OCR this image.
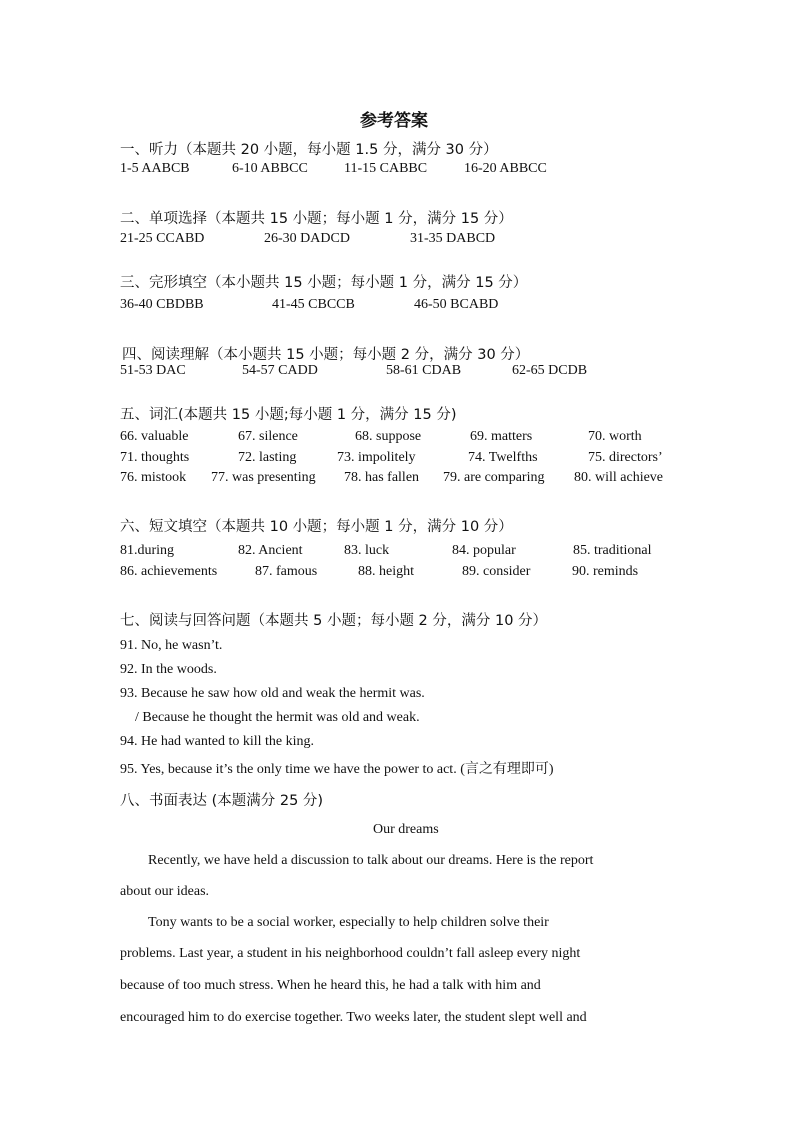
参考答案
一、听力（本题共 20 小题，每小题 1.5 分，满分 30 分）
1-5 AABCB	6-10 ABBCC	11-15 CABBC	16-20 ABBCC
二、单项选择（本题共 15 小题；每小题 1 分，满分 15 分）
21-25 CCABD	26-30 DADCD	31-35 DABCD
三、完形填空（本小题共 15 小题；每小题 1 分，满分 15 分）
36-40 CBDBB	41-45 CBCCB	46-50 BCABD
四、阅读理解（本小题共 15 小题；每小题 2 分，满分 30 分）
51-53 DAC	54-57 CADD	58-61 CDAB	62-65 DCDB
五、词汇(本题共 15 小题;每小题 1 分，满分 15 分)
66. valuable	67. silence	68. suppose	69. matters	70. worth
71. thoughts	72. lasting	73. impolitely	74. Twelfths	75. directors’
76. mistook 77. was presenting 78. has fallen 79. are comparing 80. will achieve
六、短文填空（本题共 10 小题；每小题 1 分，满分 10 分）
81.during	82. Ancient	83. luck	84. popular	85. traditional
86. achievements	87. famous	88. height	89. consider	90. reminds
七、阅读与回答问题（本题共 5 小题；每小题 2 分，满分 10 分）
91. No, he wasn’t.
92. In the woods.
93. Because he saw how old and weak the hermit was.
/ Because he thought the hermit was old and weak.
94. He had wanted to kill the king.
95. Yes, because it’s the only time we have the power to act. (言之有理即可)
八、书面表达 (本题满分 25 分)
Our dreams
Recently, we have held a discussion to talk about our dreams. Here is the report
about our ideas.
Tony wants to be a social worker, especially to help children solve their
problems. Last year, a student in his neighborhood couldn’t fall asleep every night
because of too much stress. When he heard this, he had a talk with him and
encouraged him to do exercise together. Two weeks later, the student slept well and
